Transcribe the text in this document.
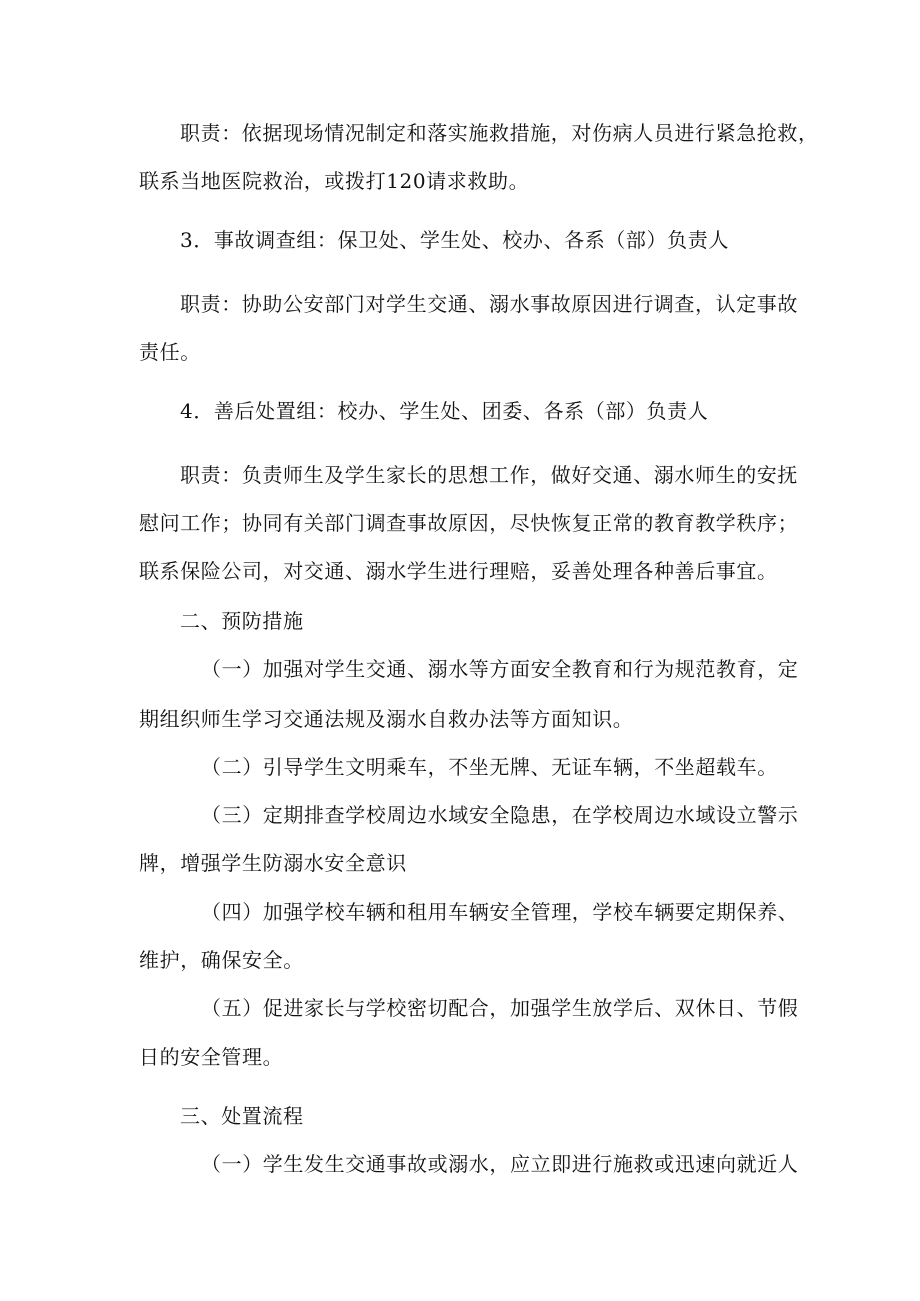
职责：依据现场情况制定和落实施救措施，对伤病人员进行紧急抢救，
联系当地医院救治，或拨打120请求救助。
3．事故调查组：保卫处、学生处、校办、各系（部）负责人
职责：协助公安部门对学生交通、溺水事故原因进行调查，认定事故
责任。
4．善后处置组：校办、学生处、团委、各系（部）负责人
职责：负责师生及学生家长的思想工作，做好交通、溺水师生的安抚
慰问工作；协同有关部门调查事故原因，尽快恢复正常的教育教学秩序；
联系保险公司，对交通、溺水学生进行理赔，妥善处理各种善后事宜。
二、预防措施
（一）加强对学生交通、溺水等方面安全教育和行为规范教育，定
期组织师生学习交通法规及溺水自救办法等方面知识。
（二）引导学生文明乘车，不坐无牌、无证车辆，不坐超载车。
（三）定期排查学校周边水域安全隐患，在学校周边水域设立警示
牌，增强学生防溺水安全意识
（四）加强学校车辆和租用车辆安全管理，学校车辆要定期保养、
维护，确保安全。
（五）促进家长与学校密切配合，加强学生放学后、双休日、节假
日的安全管理。
三、处置流程
（一）学生发生交通事故或溺水，应立即进行施救或迅速向就近人
